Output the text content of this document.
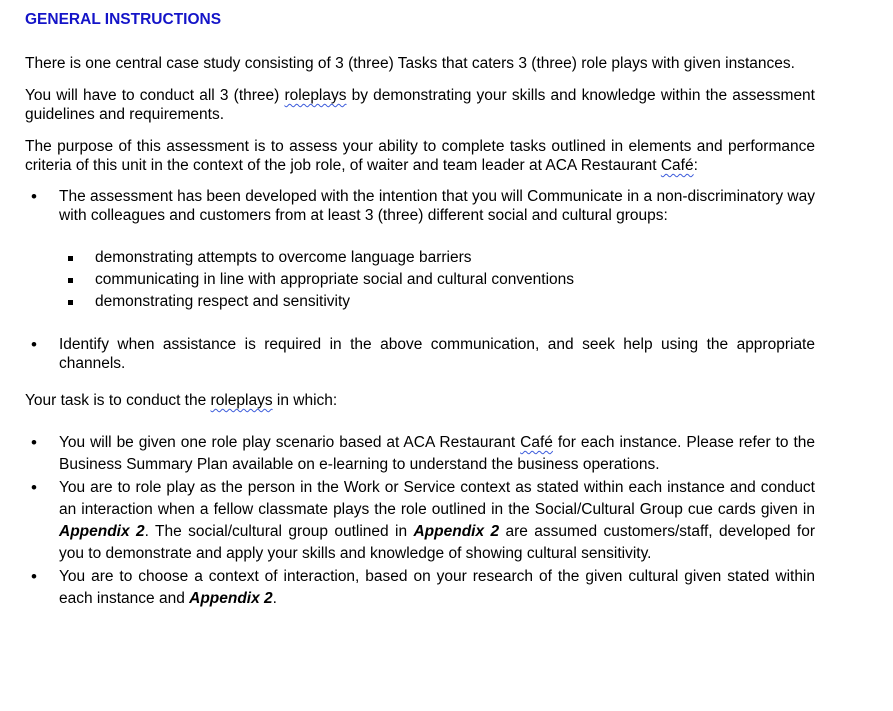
GENERAL INSTRUCTIONS

There is one central case study consisting of 3 (three) Tasks that caters 3 (three) role plays with given instances.

You will have to conduct all 3 (three) roleplays by demonstrating your skills and knowledge within the assessment guidelines and requirements.

The purpose of this assessment is to assess your ability to complete tasks outlined in elements and performance criteria of this unit in the context of the job role, of waiter and team leader at ACA Restaurant Café:

• The assessment has been developed with the intention that you will Communicate in a non-discriminatory way with colleagues and customers from at least 3 (three) different social and cultural groups:
demonstrating attempts to overcome language barriers
communicating in line with appropriate social and cultural conventions
demonstrating respect and sensitivity
• Identify when assistance is required in the above communication, and seek help using the appropriate channels.

Your task is to conduct the roleplays in which:

• You will be given one role play scenario based at ACA Restaurant Café for each instance. Please refer to the Business Summary Plan available on e-learning to understand the business operations.
• You are to role play as the person in the Work or Service context as stated within each instance and conduct an interaction when a fellow classmate plays the role outlined in the Social/Cultural Group cue cards given in Appendix 2. The social/cultural group outlined in Appendix 2 are assumed customers/staff, developed for you to demonstrate and apply your skills and knowledge of showing cultural sensitivity.
• You are to choose a context of interaction, based on your research of the given cultural given stated within each instance and Appendix 2.
